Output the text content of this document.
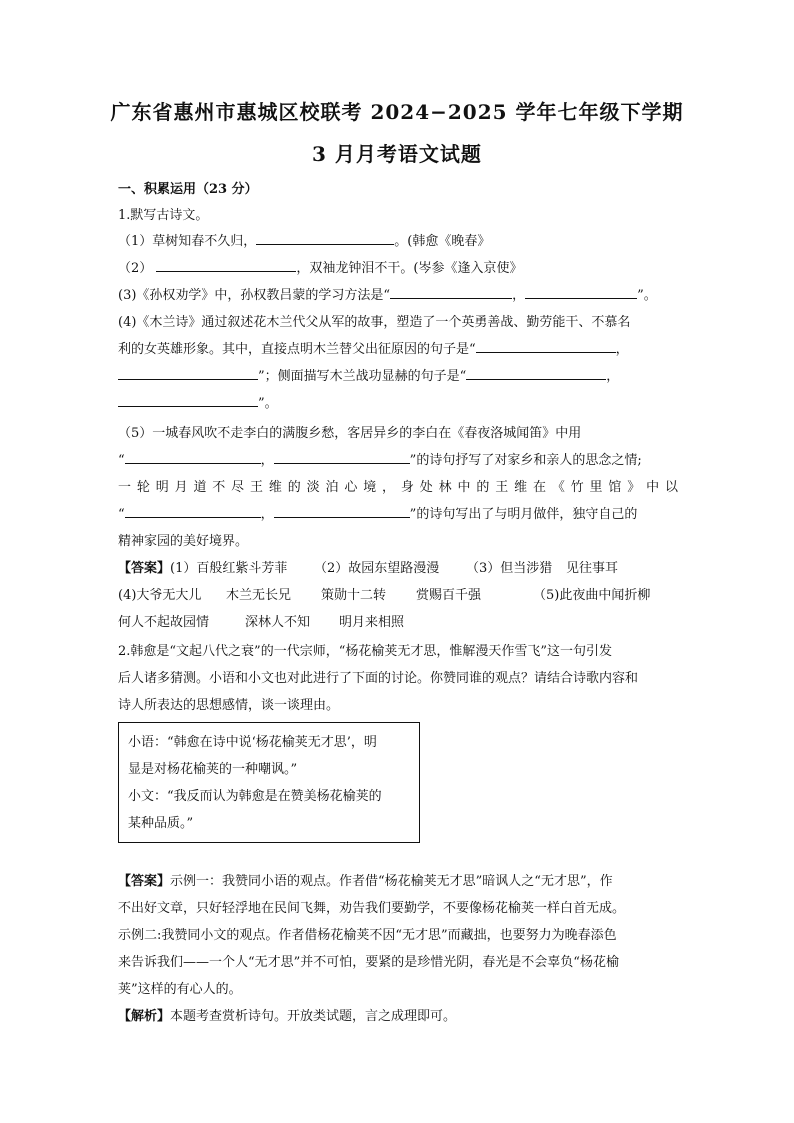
广东省惠州市惠城区校联考 2024−2025 学年七年级下学期
3 月月考语文试题
一、积累运用（23 分）
1.默写古诗文。
（1）草树知春不久归，	。(韩愈《晚春》
（2）	，双袖龙钟泪不干。(岑参《逢入京使》
(3)《孙权劝学》中，孙权教吕蒙的学习方法是“	，	”。
(4)《木兰诗》通过叙述花木兰代父从军的故事，塑造了一个英勇善战、勤劳能干、不慕名
利的女英雄形象。其中，直接点明木兰替父出征原因的句子是“	，
”；侧面描写木兰战功显赫的句子是“	，
”。
（5）一城春风吹不走李白的满腹乡愁，客居异乡的李白在《春夜洛城闻笛》中用
“	，	”的诗句抒写了对家乡和亲人的思念之情;
一轮明月道不尽王维的淡泊心境，身处林中的王维在《竹里馆》中以
“	，	”的诗句写出了与明月做伴，独守自己的
精神家园的美好境界。
【答案】(1）百般红紫斗芳菲 （2）故园东望路漫漫 （3）但当涉猎 见往事耳
(4)大爷无大儿 木兰无长兄 策勋十二转 赏赐百千强	（5)此夜曲中闻折柳
何人不起故园情	深林人不知 明月来相照
2.韩愈是“文起八代之衰”的一代宗师，“杨花榆荚无才思，惟解漫天作雪飞”这一句引发
后人诸多猜测。小语和小文也对此进行了下面的讨论。你赞同谁的观点？请结合诗歌内容和
诗人所表达的思想感情，谈一谈理由。
小语：“韩愈在诗中说‘杨花榆荚无才思’，明
显是对杨花榆荚的一种嘲讽。”
小文：“我反而认为韩愈是在赞美杨花榆荚的
某种品质。”
【答案】示例一：我赞同小语的观点。作者借“杨花榆荚无才思”暗讽人之“无才思”，作
不出好文章，只好轻浮地在民间飞舞，劝告我们要勤学，不要像杨花榆荚一样白首无成。
示例二:我赞同小文的观点。作者借杨花榆荚不因“无才思”而藏拙，也要努力为晚春添色
来告诉我们——一个人“无才思”并不可怕，要紧的是珍惜光阴，春光是不会辜负“杨花榆
荚”这样的有心人的。
【解析】本题考查赏析诗句。开放类试题，言之成理即可。
